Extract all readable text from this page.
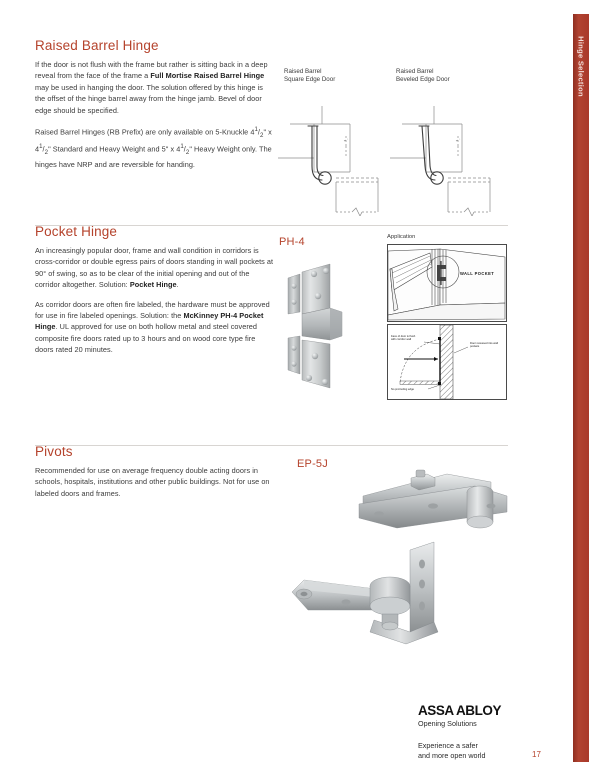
Hinge Selection
Raised Barrel Hinge
If the door is not flush with the frame but rather is sitting back in a deep reveal from the face of the frame a Full Mortise Raised Barrel Hinge may be used in hanging the door. The solution offered by this hinge is the offset of the hinge barrel away from the hinge jamb. Bevel of door edge should be specified.
Raised Barrel Hinges (RB Prefix) are only available on 5-Knuckle $4^1/_2$" x $4^1/_2$" Standard and Heavy Weight and 5" x $4^1/_2$" Heavy Weight only. The hinges have NRP and are reversible for handing.
Raised Barrel
Square Edge Door
Raised Barrel
Beveled Edge Door
Pocket Hinge
An increasingly popular door, frame and wall condition in corridors is cross-corridor or double egress pairs of doors standing in wall pockets at 90° of swing, so as to be clear of the initial opening and out of the corridor altogether. Solution: Pocket Hinge.
As corridor doors are often fire labeled, the hardware must be approved for use in fire labeled openings. Solution: the McKinney PH-4 Pocket Hinge. UL approved for use on both hollow metal and steel covered composite fire doors rated up to 3 hours and on wood core type fire doors rated 20 minutes.
PH-4	Application
WALL POCKET
Face of door is flush with corridor wall
Door recessed into wall pockets
No protruding edge
Pivots
Recommended for use on average frequency double acting doors in schools, hospitals, institutions and other public buildings. Not for use on labeled doors and frames.
EP-5J
ASSA ABLOY
Opening Solutions
Experience a safer
and more open world	17
